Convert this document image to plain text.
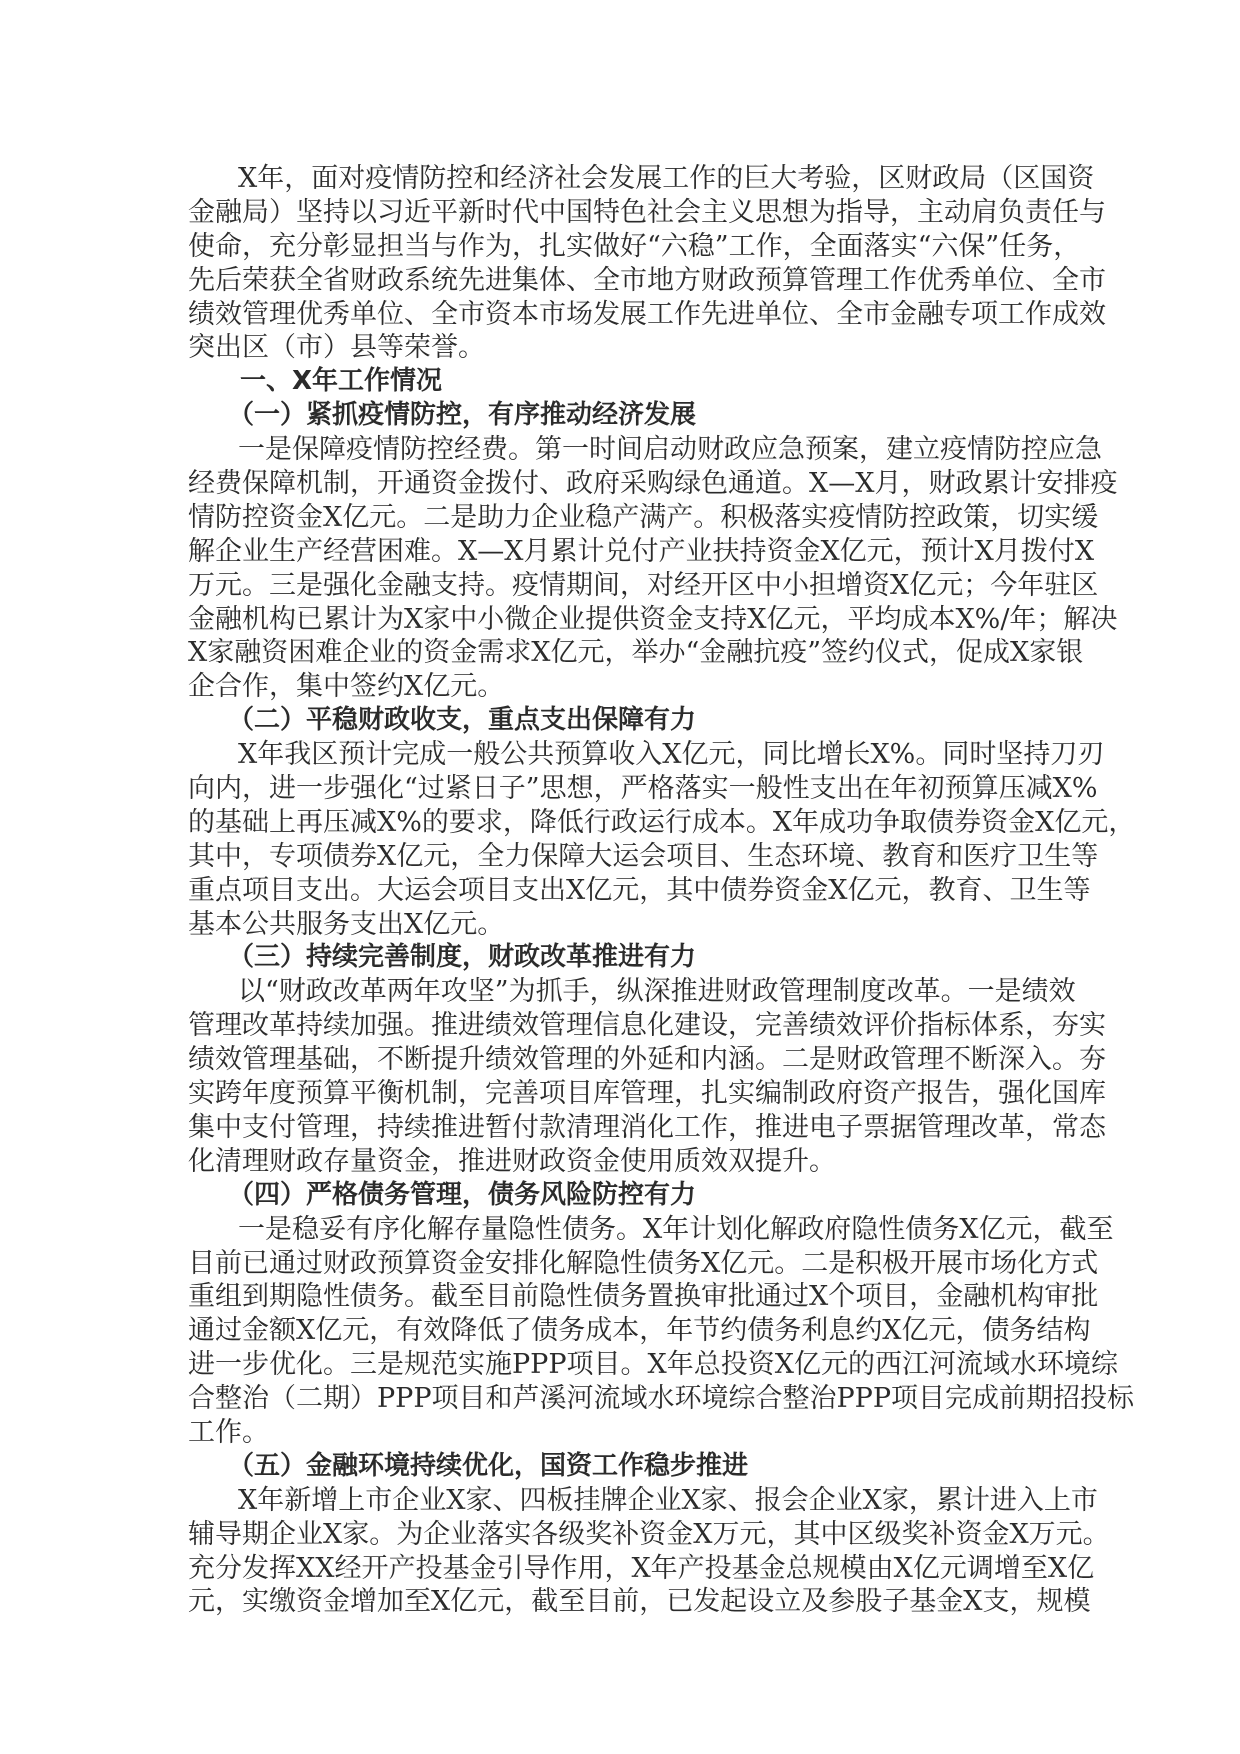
X年，面对疫情防控和经济社会发展工作的巨大考验，区财政局（区国资
金融局）坚持以习近平新时代中国特色社会主义思想为指导，主动肩负责任与
使命，充分彰显担当与作为，扎实做好“六稳”工作，全面落实“六保”任务，
先后荣获全省财政系统先进集体、全市地方财政预算管理工作优秀单位、全市
绩效管理优秀单位、全市资本市场发展工作先进单位、全市金融专项工作成效
突出区（市）县等荣誉。
一、X年工作情况
（一）紧抓疫情防控，有序推动经济发展
一是保障疫情防控经费。第一时间启动财政应急预案，建立疫情防控应急
经费保障机制，开通资金拨付、政府采购绿色通道。X—X月，财政累计安排疫
情防控资金X亿元。二是助力企业稳产满产。积极落实疫情防控政策，切实缓
解企业生产经营困难。X—X月累计兑付产业扶持资金X亿元，预计X月拨付X
万元。三是强化金融支持。疫情期间，对经开区中小担增资X亿元；今年驻区
金融机构已累计为X家中小微企业提供资金支持X亿元，平均成本X%/年；解决
X家融资困难企业的资金需求X亿元，举办“金融抗疫”签约仪式，促成X家银
企合作，集中签约X亿元。
（二）平稳财政收支，重点支出保障有力
X年我区预计完成一般公共预算收入X亿元，同比增长X%。同时坚持刀刃
向内，进一步强化“过紧日子”思想，严格落实一般性支出在年初预算压减X%
的基础上再压减X%的要求，降低行政运行成本。X年成功争取债券资金X亿元，
其中，专项债券X亿元，全力保障大运会项目、生态环境、教育和医疗卫生等
重点项目支出。大运会项目支出X亿元，其中债券资金X亿元，教育、卫生等
基本公共服务支出X亿元。
（三）持续完善制度，财政改革推进有力
以“财政改革两年攻坚”为抓手，纵深推进财政管理制度改革。一是绩效
管理改革持续加强。推进绩效管理信息化建设，完善绩效评价指标体系，夯实
绩效管理基础，不断提升绩效管理的外延和内涵。二是财政管理不断深入。夯
实跨年度预算平衡机制，完善项目库管理，扎实编制政府资产报告，强化国库
集中支付管理，持续推进暂付款清理消化工作，推进电子票据管理改革，常态
化清理财政存量资金，推进财政资金使用质效双提升。
（四）严格债务管理，债务风险防控有力
一是稳妥有序化解存量隐性债务。X年计划化解政府隐性债务X亿元，截至
目前已通过财政预算资金安排化解隐性债务X亿元。二是积极开展市场化方式
重组到期隐性债务。截至目前隐性债务置换审批通过X个项目，金融机构审批
通过金额X亿元，有效降低了债务成本，年节约债务利息约X亿元，债务结构
进一步优化。三是规范实施PPP项目。X年总投资X亿元的西江河流域水环境综
合整治（二期）PPP项目和芦溪河流域水环境综合整治PPP项目完成前期招投标
工作。
（五）金融环境持续优化，国资工作稳步推进
X年新增上市企业X家、四板挂牌企业X家、报会企业X家，累计进入上市
辅导期企业X家。为企业落实各级奖补资金X万元，其中区级奖补资金X万元。
充分发挥XX经开产投基金引导作用，X年产投基金总规模由X亿元调增至X亿
元，实缴资金增加至X亿元，截至目前，已发起设立及参股子基金X支，规模
